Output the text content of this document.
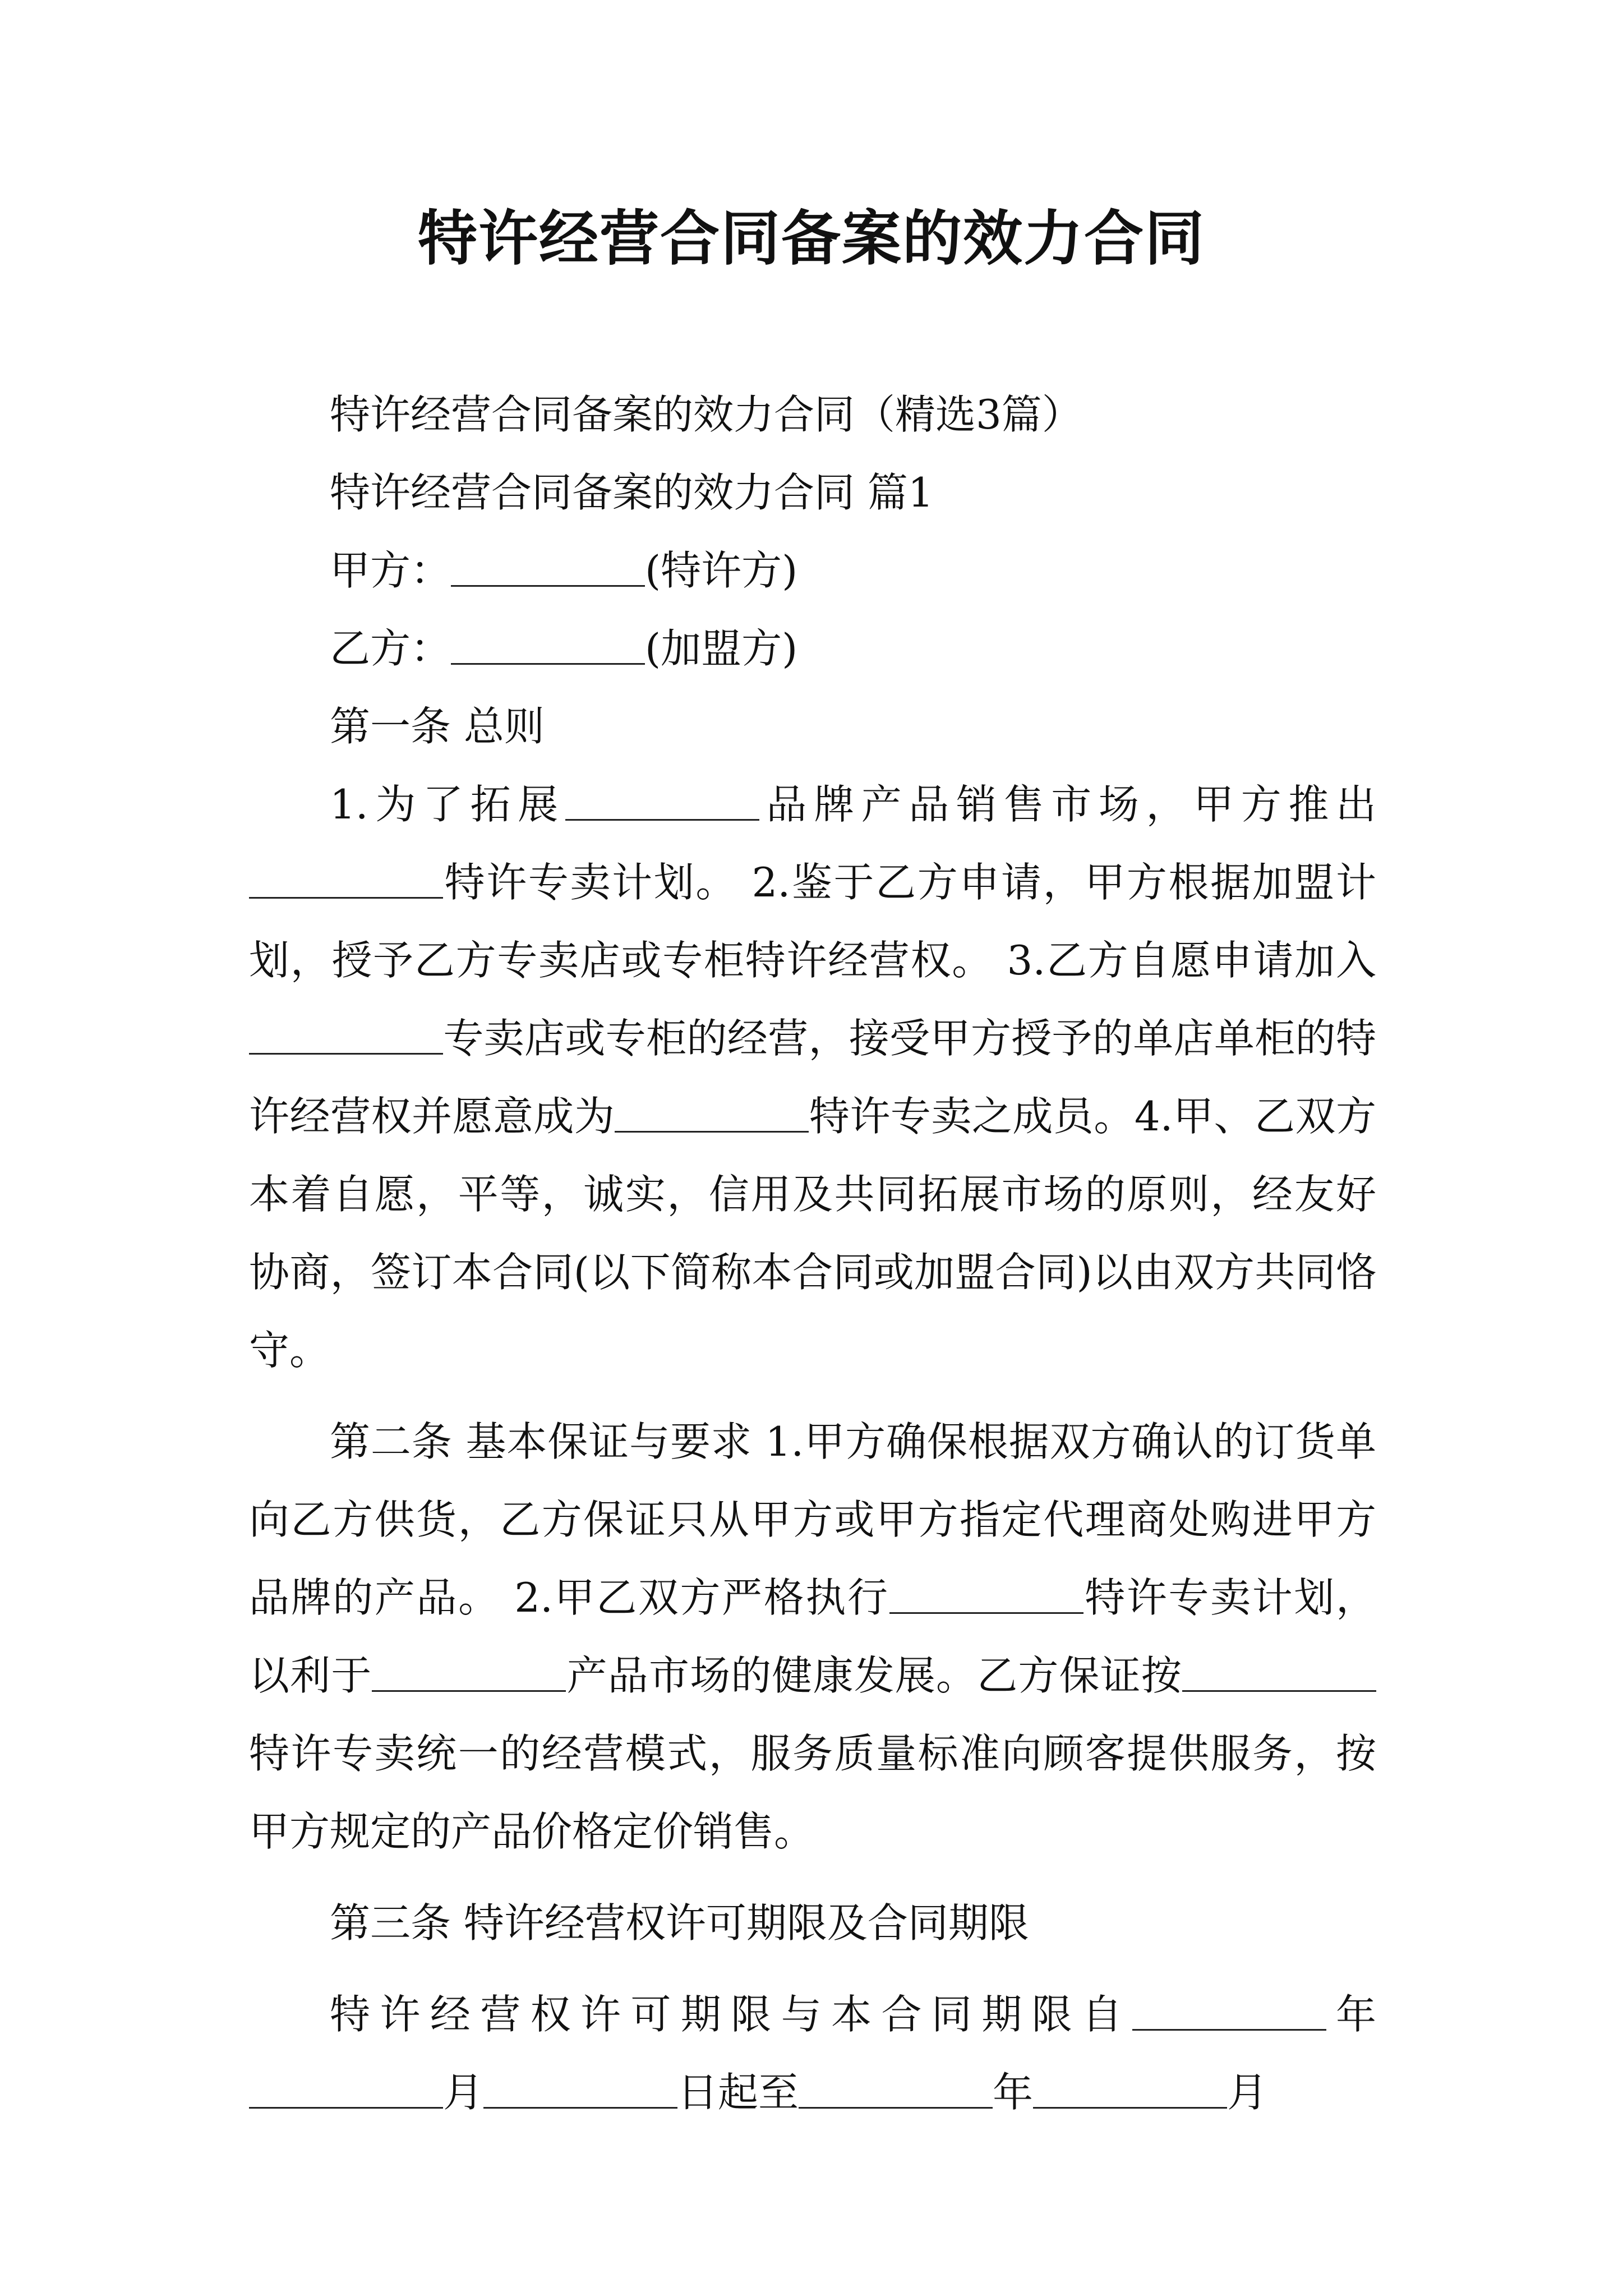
特许经营合同备案的效力合同

特许经营合同备案的效力合同（精选3篇）

特许经营合同备案的效力合同 篇1

甲方：	(特许方)

乙方：	(加盟方)

第一条 总则

1.为了拓展	品牌产品销售市场，甲方推出特许专卖计划。 2.鉴于乙方申请，甲方根据加盟计划，授予乙方专卖店或专柜特许经营权。 3.乙方自愿申请加入专卖店或专柜的经营，接受甲方授予的单店单柜的特许经营权并愿意成为	特许专卖之成员。4.甲、乙双方本着自愿，平等，诚实，信用及共同拓展市场的原则，经友好协商，签订本合同(以下简称本合同或加盟合同)以由双方共同恪守。

第二条 基本保证与要求 1.甲方确保根据双方确认的订货单向乙方供货，乙方保证只从甲方或甲方指定代理商处购进甲方品牌的产品。 2.甲乙双方严格执行	特许专卖计划，以利于	产品市场的健康发展。乙方保证按特许专卖统一的经营模式，服务质量标准向顾客提供服务，按甲方规定的产品价格定价销售。

第三条 特许经营权许可期限及合同期限

特许经营权许可期限与本合同期限自	年月	日起至	年	月
